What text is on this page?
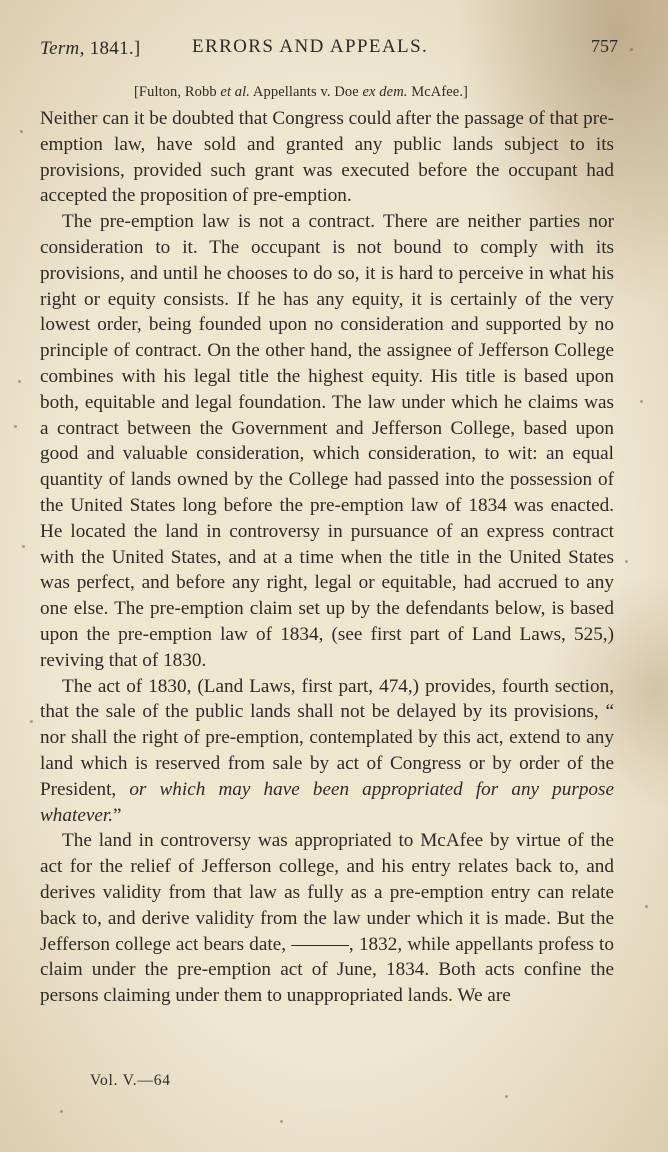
Term, 1841.]	ERRORS AND APPEALS.	757
[Fulton, Robb et al. Appellants v. Doe ex dem. McAfee.]

Neither can it be doubted that Congress could after the passage of that pre-emption law, have sold and granted any public lands subject to its provisions, provided such grant was executed before the occupant had accepted the proposition of pre-emption.

The pre-emption law is not a contract. There are neither parties nor consideration to it. The occupant is not bound to comply with its provisions, and until he chooses to do so, it is hard to perceive in what his right or equity consists. If he has any equity, it is certainly of the very lowest order, being founded upon no consideration and supported by no principle of contract. On the other hand, the assignee of Jefferson College combines with his legal title the highest equity. His title is based upon both, equitable and legal foundation. The law under which he claims was a contract between the Government and Jefferson College, based upon good and valuable consideration, which consideration, to wit: an equal quantity of lands owned by the College had passed into the possession of the United States long before the pre-emption law of 1834 was enacted. He located the land in controversy in pursuance of an express contract with the United States, and at a time when the title in the United States was perfect, and before any right, legal or equitable, had accrued to any one else. The pre-emption claim set up by the defendants below, is based upon the pre-emption law of 1834, (see first part of Land Laws, 525,) reviving that of 1830.

The act of 1830, (Land Laws, first part, 474,) provides, fourth section, that the sale of the public lands shall not be delayed by its provisions, “ nor shall the right of pre-emption, contemplated by this act, extend to any land which is reserved from sale by act of Congress or by order of the President, or which may have been appropriated for any purpose whatever.”

The land in controversy was appropriated to McAfee by virtue of the act for the relief of Jefferson college, and his entry relates back to, and derives validity from that law as fully as a pre-emption entry can relate back to, and derive validity from the law under which it is made. But the Jefferson college act bears date, ———, 1832, while appellants profess to claim under the pre-emption act of June, 1834. Both acts confine the persons claiming under them to unappropriated lands. We are

Vol. V.—64
